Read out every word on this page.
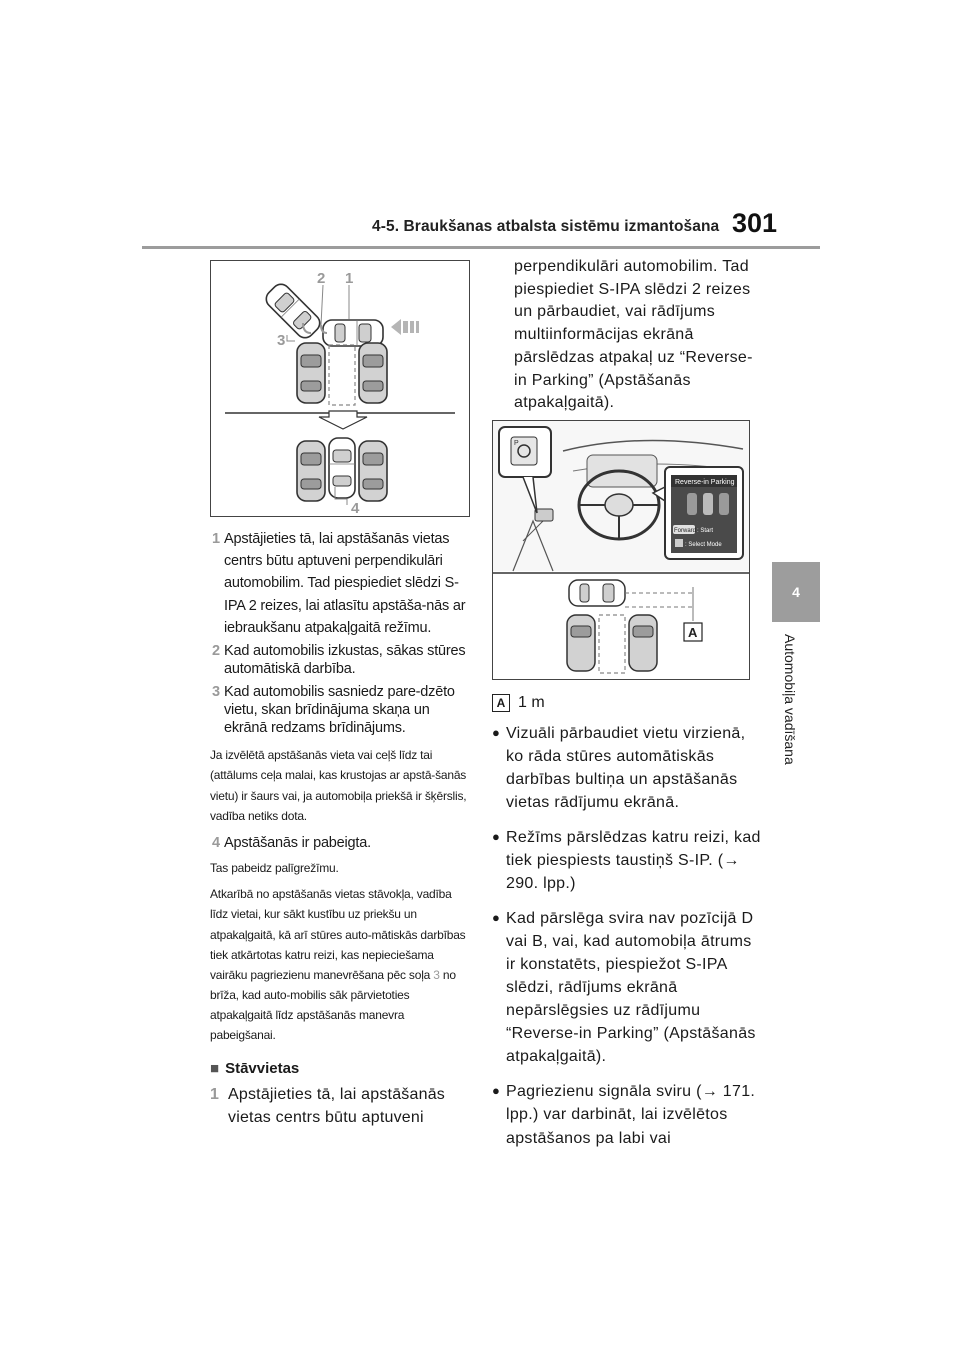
4-5. Braukšanas atbalsta sistēmu izmantošana 301
4
Automobiļa vadīšana
2 1
3
4
1 Apstājieties tā, lai apstāšanās vietas centrs būtu aptuveni perpendikulāri automobilim. Tad piespiediet slēdzi S-IPA 2 reizes, lai atlasītu apstāša-nās ar iebraukšanu atpakaļgaitā režīmu.
2 Kad automobilis izkustas, sākas stūres automātiskā darbība.
3 Kad automobilis sasniedz pare-dzēto vietu, skan brīdinājuma skaņa un ekrānā redzams brīdinājums.
Ja izvēlētā apstāšanās vieta vai ceļš līdz tai (attālums ceļa malai, kas krustojas ar apstā-šanās vietu) ir šaurs vai, ja automobiļa priekšā ir šķērslis, vadība netiks dota.
4 Apstāšanās ir pabeigta.
Tas pabeidz palīgrežīmu.
Atkarībā no apstāšanās vietas stāvokļa, vadība līdz vietai, kur sākt kustību uz priekšu un atpakaļgaitā, kā arī stūres auto-mātiskās darbības tiek atkārtotas katru reizi, kas nepieciešama vairāku pagriezienu manevrēšana pēc soļa 3 no brīža, kad auto-mobilis sāk pārvietoties atpakaļgaitā līdz apstāšanās manevra pabeigšanai.
■ Stāvvietas
1 Apstājieties tā, lai apstāšanās vietas centrs būtu aptuveni

perpendikulāri automobilim. Tad piespiediet S-IPA slēdzi 2 reizes un pārbaudiet, vai rādījums multiinformācijas ekrānā pārslēdzas atpakaļ uz “Reverse-in Parking” (Apstāšanās atpakaļgaitā).

P
Reverse-in Parking
Forward : Start
: Select Mode
A
A 1 m
● Vizuāli pārbaudiet vietu virzienā, ko rāda stūres automātiskās darbības bultiņa un apstāšanās vietas rādījumu ekrānā.
● Režīms pārslēdzas katru reizi, kad tiek piespiests taustiņš S-IP. (→ 290. lpp.)
● Kad pārslēga svira nav pozīcijā D vai B, vai, kad automobiļa ātrums ir konstatēts, piespiežot S-IPA slēdzi, rādījums ekrānā nepārslēgsies uz rādījumu “Reverse-in Parking” (Apstāšanās atpakaļgaitā).
● Pagriezienu signāla sviru (→ 171. lpp.) var darbināt, lai izvēlētos apstāšanos pa labi vai
